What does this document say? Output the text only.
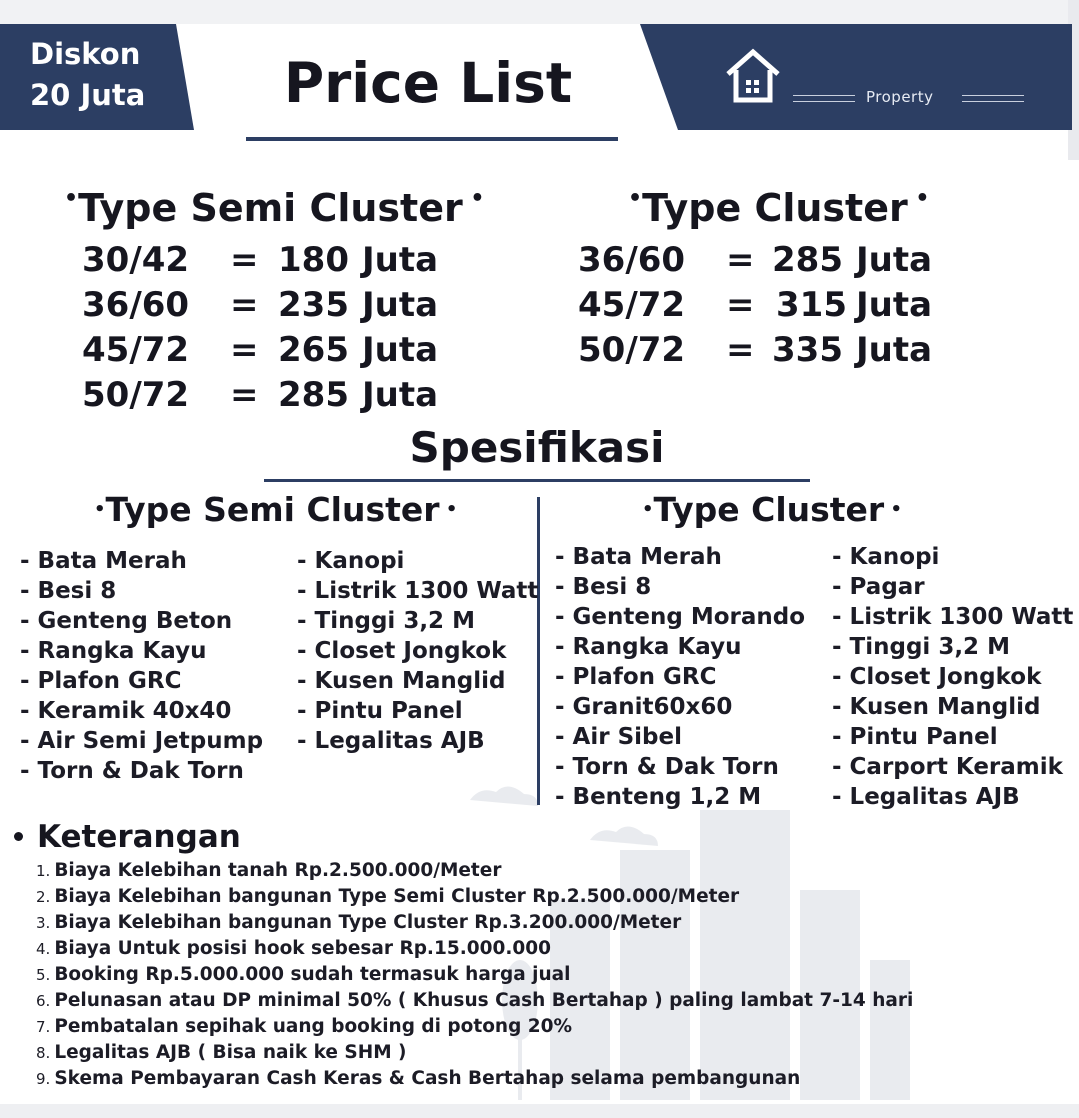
Diskon
20 Juta	Price List	Property
•Type Semi Cluster •	•Type Cluster •
30/42 = 180 Juta
36/60 = 235 Juta
45/72 = 265 Juta
50/72 = 285 Juta
36/60 = 285 Juta
45/72 = 315 Juta
50/72 = 335 Juta
Spesifikasi
•Type Semi Cluster •	•Type Cluster •
- Bata Merah
- Besi 8
- Genteng Beton
- Rangka Kayu
- Plafon GRC
- Keramik 40x40
- Air Semi Jetpump
- Torn & Dak Torn
- Kanopi
- Listrik 1300 Watt
- Tinggi 3,2 M
- Closet Jongkok
- Kusen Manglid
- Pintu Panel
- Legalitas AJB
- Bata Merah
- Besi 8
- Genteng Morando
- Rangka Kayu
- Plafon GRC
- Granit60x60
- Air Sibel
- Torn & Dak Torn
- Benteng 1,2 M
- Kanopi
- Pagar
- Listrik 1300 Watt
- Tinggi 3,2 M
- Closet Jongkok
- Kusen Manglid
- Pintu Panel
- Carport Keramik
- Legalitas AJB
Keterangan
1. Biaya Kelebihan tanah Rp.2.500.000/Meter
2. Biaya Kelebihan bangunan Type Semi Cluster Rp.2.500.000/Meter
3. Biaya Kelebihan bangunan Type Cluster Rp.3.200.000/Meter
4. Biaya Untuk posisi hook sebesar Rp.15.000.000
5. Booking Rp.5.000.000 sudah termasuk harga jual
6. Pelunasan atau DP minimal 50% ( Khusus Cash Bertahap ) paling lambat 7-14 hari
7. Pembatalan sepihak uang booking di potong 20%
8. Legalitas AJB ( Bisa naik ke SHM )
9. Skema Pembayaran Cash Keras & Cash Bertahap selama pembangunan
